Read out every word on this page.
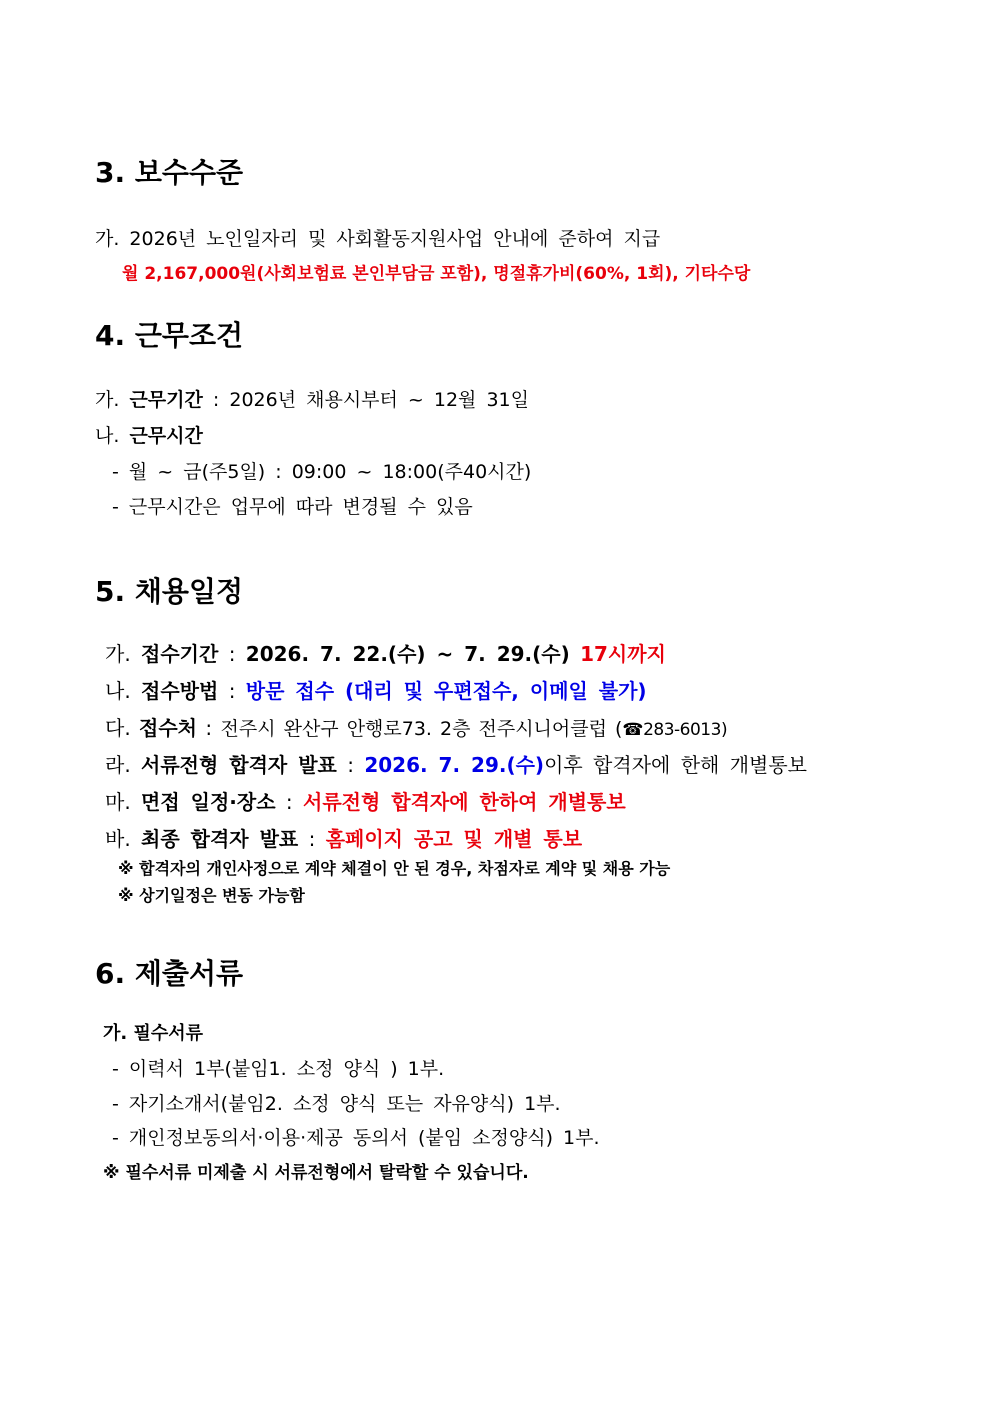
3. 보수수준
가. 2026년 노인일자리 및 사회활동지원사업 안내에 준하여 지급
월 2,167,000원(사회보험료 본인부담금 포함), 명절휴가비(60%, 1회), 기타수당
4. 근무조건
가. 근무기간 : 2026년 채용시부터 ~ 12월 31일
나. 근무시간
- 월 ~ 금(주5일) : 09:00 ~ 18:00(주40시간)
- 근무시간은 업무에 따라 변경될 수 있음
5. 채용일정
가. 접수기간 : 2026. 7. 22.(수) ~ 7. 29.(수) 17시까지
나. 접수방법 : 방문 접수 (대리 및 우편접수, 이메일 불가)
다. 접수처 : 전주시 완산구 안행로73. 2층 전주시니어클럽 (☎283-6013)
라. 서류전형 합격자 발표 : 2026. 7. 29.(수)이후 합격자에 한해 개별통보
마. 면접 일정·장소 : 서류전형 합격자에 한하여 개별통보
바. 최종 합격자 발표 : 홈페이지 공고 및 개별 통보
※ 합격자의 개인사정으로 계약 체결이 안 된 경우, 차점자로 계약 및 채용 가능
※ 상기일정은 변동 가능함
6. 제출서류
가. 필수서류
- 이력서 1부(붙임1. 소정 양식 ) 1부.
- 자기소개서(붙임2. 소정 양식 또는 자유양식) 1부.
- 개인정보동의서·이용·제공 동의서 (붙임 소정양식) 1부.
※ 필수서류 미제출 시 서류전형에서 탈락할 수 있습니다.
